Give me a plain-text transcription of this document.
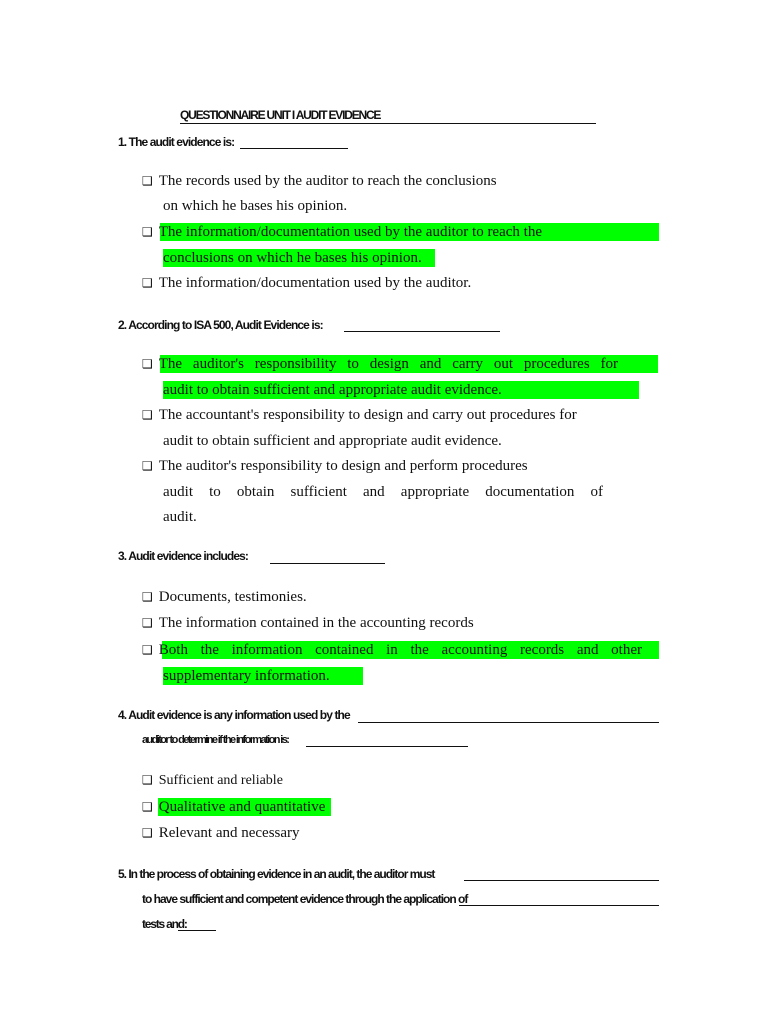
QUESTIONNAIRE UNIT I AUDIT EVIDENCE
1. The audit evidence is:
❑ The records used by the auditor to reach the conclusions
on which he bases his opinion.
❑ The information/documentation used by the auditor to reach the
conclusions on which he bases his opinion.
❑ The information/documentation used by the auditor.
2. According to ISA 500, Audit Evidence is:
❑ The auditor's responsibility to design and carry out procedures for
audit to obtain sufficient and appropriate audit evidence.
❑ The accountant's responsibility to design and carry out procedures for
audit to obtain sufficient and appropriate audit evidence.
❑ The auditor's responsibility to design and perform procedures
audit to obtain sufficient and appropriate documentation of
audit.
3. Audit evidence includes:
❑ Documents, testimonies.
❑ The information contained in the accounting records
❑ Both the information contained in the accounting records and other
supplementary information.
4. Audit evidence is any information used by the
auditor to determine if the information is:
❑ Sufficient and reliable
❑ Qualitative and quantitative
❑ Relevant and necessary
5. In the process of obtaining evidence in an audit, the auditor must
to have sufficient and competent evidence through the application of
tests and:
